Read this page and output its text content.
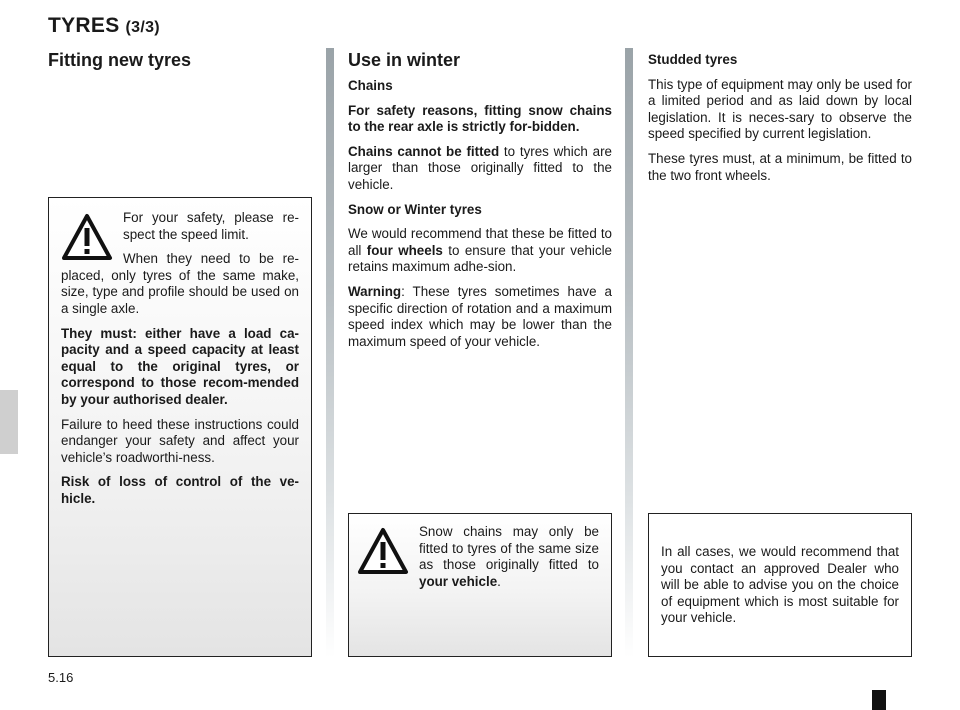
TYRES (3/3)
Fitting new tyres

For your safety, please re-spect the speed limit.

When they need to be re-placed, only tyres of the same make, size, type and profile should be used on a single axle.

They must: either have a load ca-pacity and a speed capacity at least equal to the original tyres, or correspond to those recom-mended by your authorised dealer.

Failure to heed these instructions could endanger your safety and affect your vehicle’s roadworthi-ness.

Risk of loss of control of the ve-hicle.

Use in winter

Chains

For safety reasons, fitting snow chains to the rear axle is strictly for-bidden.

Chains cannot be fitted to tyres which are larger than those originally fitted to the vehicle.

Snow or Winter tyres

We would recommend that these be fitted to all four wheels to ensure that your vehicle retains maximum adhe-sion.

Warning: These tyres sometimes have a specific direction of rotation and a maximum speed index which may be lower than the maximum speed of your vehicle.

Snow chains may only be fitted to tyres of the same size as those originally fitted to your vehicle.

Studded tyres

This type of equipment may only be used for a limited period and as laid down by local legislation. It is neces-sary to observe the speed specified by current legislation.

These tyres must, at a minimum, be fitted to the two front wheels.

In all cases, we would recommend that you contact an approved Dealer who will be able to advise you on the choice of equipment which is most suitable for your vehicle.
5.16
